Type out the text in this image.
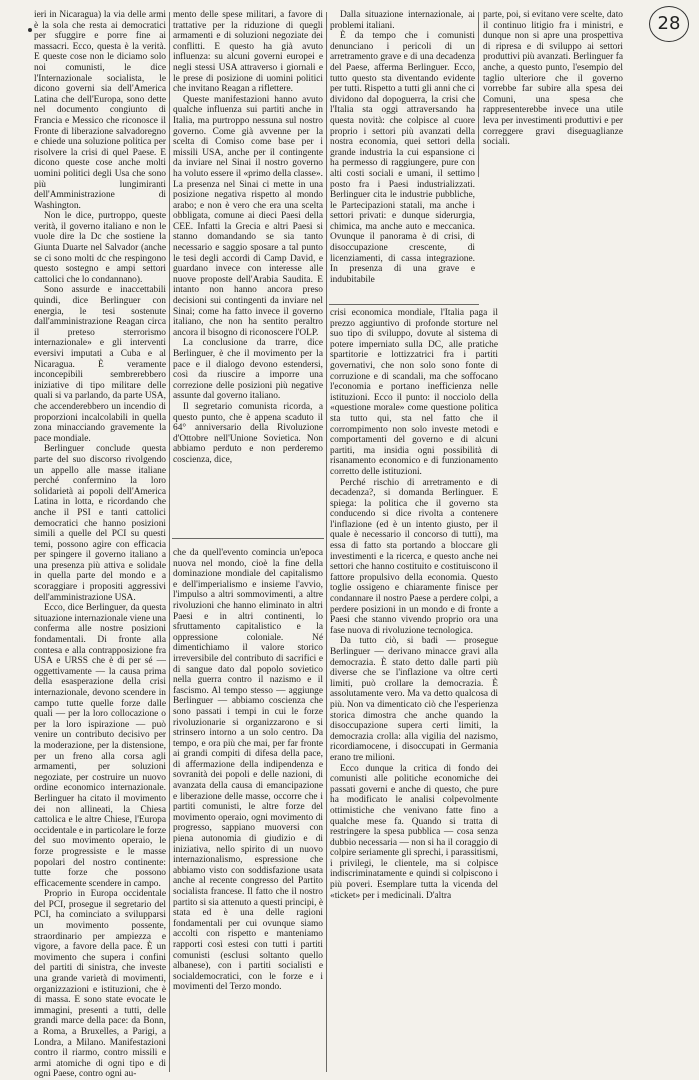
28

ieri in Nicaragua) la via delle armi è la sola che resta ai democratici per sfuggire e porre fine ai massacri. Ecco, questa è la verità. E queste cose non le diciamo solo noi comunisti, le dice l'Internazionale socialista, le dicono governi sia dell'America Latina che dell'Europa, sono dette nel documento congiunto di Francia e Messico che riconosce il Fronte di liberazione salvadoregno e chiede una soluzione politica per risolvere la crisi di quel Paese. E dicono queste cose anche molti uomini politici degli Usa che sono più lungimiranti dell'Amministrazione di Washington.

Non le dice, purtroppo, queste verità, il governo italiano e non le vuole dire la Dc che sostiene la Giunta Duarte nel Salvador (anche se ci sono molti dc che respingono questo sostegno e ampi settori cattolici che lo condannano).

Sono assurde e inaccettabili quindi, dice Berlinguer con energia, le tesi sostenute dall'amministrazione Reagan circa il preteso sterrorismo internazionale» e gli interventi eversivi imputati a Cuba e al Nicaragua. È veramente inconcepibili sembrerebbero iniziative di tipo militare delle quali si va parlando, da parte USA, che accenderebbero un incendio di proporzioni incalcolabili in quella zona minacciando gravemente la pace mondiale.

Berlinguer conclude questa parte del suo discorso rivolgendo un appello alle masse italiane perché confermino la loro solidarietà ai popoli dell'America Latina in lotta, e ricordando che anche il PSI e tanti cattolici democratici che hanno posizioni simili a quelle del PCI su questi temi, possono agire con efficacia per spingere il governo italiano a una presenza più attiva e solidale in quella parte del mondo e a scoraggiare i propositi aggressivi dell'amministrazione USA.

Ecco, dice Berlinguer, da questa situazione internazionale viene una conferma alle nostre posizioni fondamentali. Di fronte alla contesa e alla contrapposizione fra USA e URSS che è di per sé — oggettivamente — la causa prima della esasperazione della crisi internazionale, devono scendere in campo tutte quelle forze dalle quali — per la loro collocazione o per la loro ispirazione — può venire un contributo decisivo per la moderazione, per la distensione, per un freno alla corsa agli armamenti, per soluzioni negoziate, per costruire un nuovo ordine economico internazionale. Berlinguer ha citato il movimento dei non allineati, la Chiesa cattolica e le altre Chiese, l'Europa occidentale e in particolare le forze del suo movimento operaio, le forze progressiste e le masse popolari del nostro continente: tutte forze che possono efficacemente scendere in campo.

Proprio in Europa occidentale del PCI, prosegue il segretario del PCI, ha cominciato a svilupparsi un movimento possente, straordinario per ampiezza e vigore, a favore della pace. È un movimento che supera i confini del partiti di sinistra, che investe una grande varietà di movimenti, organizzazioni e istituzioni, che è di massa. E sono state evocate le immagini, presenti a tutti, delle grandi marce della pace: da Bonn, a Roma, a Bruxelles, a Parigi, a Londra, a Milano. Manifestazioni contro il riarmo, contro missili e armi atomiche di ogni tipo e di ogni Paese, contro ogni au-

mento delle spese militari, a favore di trattative per la riduzione di quegli armamenti e di soluzioni negoziate dei conflitti. E questo ha già avuto influenza: su alcuni governi europei e negli stessi USA attraverso i giornali e le prese di posizione di uomini politici che invitano Reagan a riflettere.

Queste manifestazioni hanno avuto qualche influenza sui partiti anche in Italia, ma purtroppo nessuna sul nostro governo. Come già avvenne per la scelta di Comiso come base per i missili USA, anche per il contingente da inviare nel Sinai il nostro governo ha voluto essere il «primo della classe». La presenza nel Sinai ci mette in una posizione negativa rispetto al mondo arabo; e non è vero che era una scelta obbligata, comune ai dieci Paesi della CEE. Infatti la Grecia e altri Paesi si stanno domandando se sia tanto necessario e saggio sposare a tal punto le tesi degli accordi di Camp David, e guardano invece con interesse alle nuove proposte dell'Arabia Saudita. E intanto non hanno ancora preso decisioni sui contingenti da inviare nel Sinai; come ha fatto invece il governo italiano, che non ha sentito peraltro ancora il bisogno di riconoscere l'OLP.

La conclusione da trarre, dice Berlinguer, è che il movimento per la pace e il dialogo devono estendersi, così da riuscire a imporre una correzione delle posizioni più negative assunte dal governo italiano.

Il segretario comunista ricorda, a questo punto, che è appena scaduto il 64° anniversario della Rivoluzione d'Ottobre nell'Unione Sovietica. Non abbiamo perduto e non perderemo coscienza, dice,

che da quell'evento comincia un'epoca nuova nel mondo, cioè la fine della dominazione mondiale del capitalismo e dell'imperialismo e insieme l'avvio, l'impulso a altri sommovimenti, a altre rivoluzioni che hanno eliminato in altri Paesi e in altri continenti, lo sfruttamento capitalistico e la oppressione coloniale. Né dimentichiamo il valore storico irreversibile del contributo di sacrifici e di sangue dato dal popolo sovietico nella guerra contro il nazismo e il fascismo. Al tempo stesso — aggiunge Berlinguer — abbiamo coscienza che sono passati i tempi in cui le forze rivoluzionarie si organizzarono e si strinsero intorno a un solo centro. Da tempo, e ora più che mai, per far fronte ai grandi compiti di difesa della pace, di affermazione della indipendenza e sovranità dei popoli e delle nazioni, di avanzata della causa di emancipazione e liberazione delle masse, occorre che i partiti comunisti, le altre forze del movimento operaio, ogni movimento di progresso, sappiano muoversi con piena autonomia di giudizio e di iniziativa, nello spirito di un nuovo internazionalismo, espressione che abbiamo visto con soddisfazione usata anche al recente congresso del Partito socialista francese. Il fatto che il nostro partito si sia attenuto a questi principi, è stata ed è una delle ragioni fondamentali per cui ovunque siamo accolti con rispetto e manteniamo rapporti così estesi con tutti i partiti comunisti (esclusi soltanto quello albanese), con i partiti socialisti e socialdemocratici, con le forze e i movimenti del Terzo mondo.

Dalla situazione internazionale, ai problemi italiani.

È da tempo che i comunisti denunciano i pericoli di un arretramento grave e di una decadenza del Paese, afferma Berlinguer. Ecco, tutto questo sta diventando evidente per tutti. Rispetto a tutti gli anni che ci dividono dal dopoguerra, la crisi che l'Italia sta oggi attraversando ha questa novità: che colpisce al cuore proprio i settori più avanzati della nostra economia, quei settori della grande industria la cui espansione ci ha permesso di raggiungere, pure con alti costi sociali e umani, il settimo posto fra i Paesi industrializzati. Berlinguer cita le industrie pubbliche, le Partecipazioni statali, ma anche i settori privati: e dunque siderurgia, chimica, ma anche auto e meccanica. Ovunque il panorama è di crisi, di disoccupazione crescente, di licenziamenti, di cassa integrazione. In presenza di una grave e indubitabile

crisi economica mondiale, l'Italia paga il prezzo aggiuntivo di profonde storture nel suo tipo di sviluppo, dovute al sistema di potere imperniato sulla DC, alle pratiche spartitorie e lottizzatrici fra i partiti governativi, che non solo sono fonte di corruzione e di scandali, ma che soffocano l'economia e portano inefficienza nelle istituzioni. Ecco il punto: il nocciolo della «questione morale» come questione politica sta tutto qui, sta nel fatto che il corrompimento non solo investe metodi e comportamenti del governo e di alcuni partiti, ma insidia ogni possibilità di risanamento economico e di funzionamento corretto delle istituzioni.

Perché rischio di arretramento e di decadenza?, si domanda Berlinguer. E spiega: la politica che il governo sta conducendo si dice rivolta a contenere l'inflazione (ed è un intento giusto, per il quale è necessario il concorso di tutti), ma essa di fatto sta portando a bloccare gli investimenti e la ricerca, e questo anche nei settori che hanno costituito e costituiscono il fattore propulsivo della economia. Questo toglie ossigeno e chiaramente finisce per condannare il nostro Paese a perdere colpi, a perdere posizioni in un mondo e di fronte a Paesi che stanno vivendo proprio ora una fase nuova di rivoluzione tecnologica.

Da tutto ciò, si badi — prosegue Berlinguer — derivano minacce gravi alla democrazia. È stato detto dalle parti più diverse che se l'inflazione va oltre certi limiti, può crollare la democrazia. È assolutamente vero. Ma va detto qualcosa di più. Non va dimenticato ciò che l'esperienza storica dimostra che anche quando la disoccupazione supera certi limiti, la democrazia crolla: alla vigilia del nazismo, ricordiamocene, i disoccupati in Germania erano tre milioni.

Ecco dunque la critica di fondo dei comunisti alle politiche economiche dei passati governi e anche di questo, che pure ha modificato le analisi colpevolmente ottimistiche che venivano fatte fino a qualche mese fa. Quando si tratta di restringere la spesa pubblica — cosa senza dubbio necessaria — non si ha il coraggio di colpire seriamente gli sprechi, i parassitismi, i privilegi, le clientele, ma si colpisce indiscriminatamente e quindi si colpiscono i più poveri. Esemplare tutta la vicenda del «ticket» per i medicinali. D'altra

parte, poi, si evitano vere scelte, dato il continuo litigio fra i ministri, e dunque non si apre una prospettiva di ripresa e di sviluppo ai settori produttivi più avanzati. Berlinguer fa anche, a questo punto, l'esempio del taglio ulteriore che il governo vorrebbe far subire alla spesa dei Comuni, una spesa che rappresenterebbe invece una utile leva per investimenti produttivi e per correggere gravi diseguaglianze sociali.
